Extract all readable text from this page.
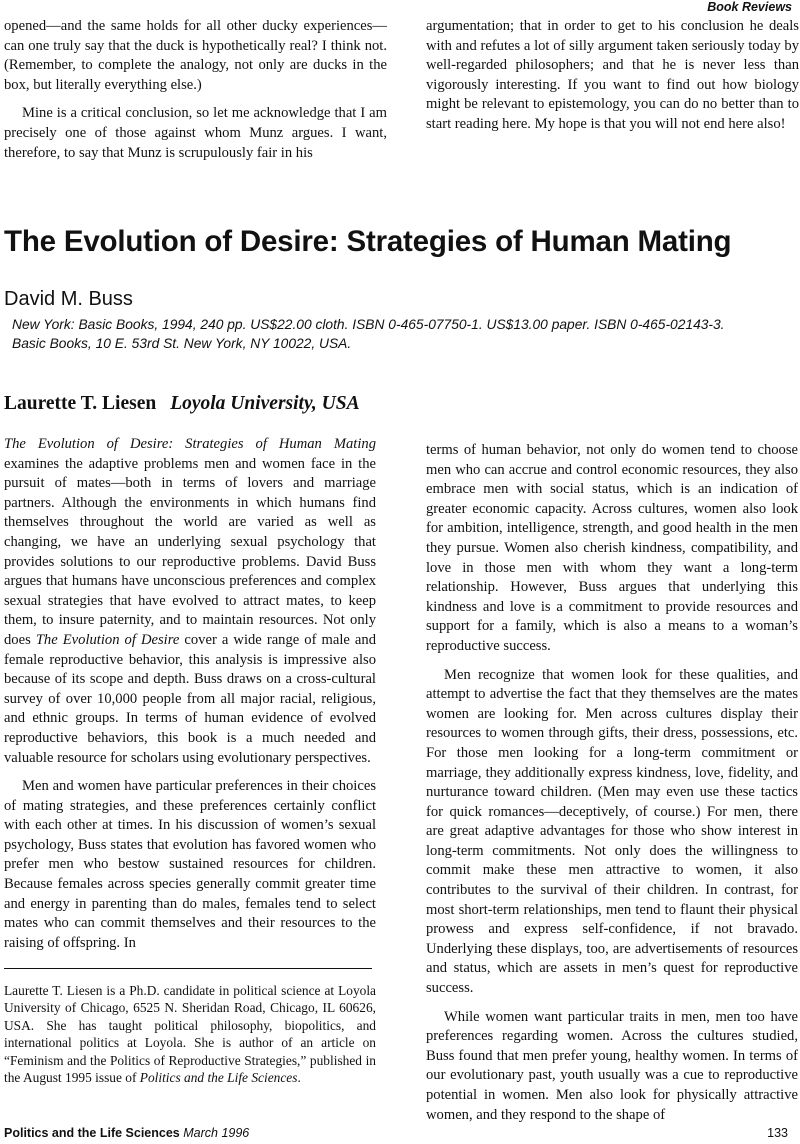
Book Reviews

opened—and the same holds for all other ducky experiences—can one truly say that the duck is hypothetically real? I think not. (Remember, to complete the analogy, not only are ducks in the box, but literally everything else.)

Mine is a critical conclusion, so let me acknowledge that I am precisely one of those against whom Munz argues. I want, therefore, to say that Munz is scrupulously fair in his

argumentation; that in order to get to his conclusion he deals with and refutes a lot of silly argument taken seriously today by well-regarded philosophers; and that he is never less than vigorously interesting. If you want to find out how biology might be relevant to epistemology, you can do no better than to start reading here. My hope is that you will not end here also!

The Evolution of Desire: Strategies of Human Mating
David M. Buss
New York: Basic Books, 1994, 240 pp. US$22.00 cloth. ISBN 0-465-07750-1. US$13.00 paper. ISBN 0-465-02143-3.
Basic Books, 10 E. 53rd St. New York, NY 10022, USA.
Laurette T. Liesen Loyola University, USA

The Evolution of Desire: Strategies of Human Mating examines the adaptive problems men and women face in the pursuit of mates—both in terms of lovers and marriage partners. Although the environments in which humans find themselves throughout the world are varied as well as changing, we have an underlying sexual psychology that provides solutions to our reproductive problems. David Buss argues that humans have unconscious preferences and complex sexual strategies that have evolved to attract mates, to keep them, to insure paternity, and to maintain resources. Not only does The Evolution of Desire cover a wide range of male and female reproductive behavior, this analysis is impressive also because of its scope and depth. Buss draws on a cross-cultural survey of over 10,000 people from all major racial, religious, and ethnic groups. In terms of human evidence of evolved reproductive behaviors, this book is a much needed and valuable resource for scholars using evolutionary perspectives.

Men and women have particular preferences in their choices of mating strategies, and these preferences certainly conflict with each other at times. In his discussion of women’s sexual psychology, Buss states that evolution has favored women who prefer men who bestow sustained resources for children. Because females across species generally commit greater time and energy in parenting than do males, females tend to select mates who can commit themselves and their resources to the raising of offspring. In

terms of human behavior, not only do women tend to choose men who can accrue and control economic resources, they also embrace men with social status, which is an indication of greater economic capacity. Across cultures, women also look for ambition, intelligence, strength, and good health in the men they pursue. Women also cherish kindness, compatibility, and love in those men with whom they want a long-term relationship. However, Buss argues that underlying this kindness and love is a commitment to provide resources and support for a family, which is also a means to a woman’s reproductive success.

Men recognize that women look for these qualities, and attempt to advertise the fact that they themselves are the mates women are looking for. Men across cultures display their resources to women through gifts, their dress, possessions, etc. For those men looking for a long-term commitment or marriage, they additionally express kindness, love, fidelity, and nurturance toward children. (Men may even use these tactics for quick romances—deceptively, of course.) For men, there are great adaptive advantages for those who show interest in long-term commitments. Not only does the willingness to commit make these men attractive to women, it also contributes to the survival of their children. In contrast, for most short-term relationships, men tend to flaunt their physical prowess and express self-confidence, if not bravado. Underlying these displays, too, are advertisements of resources and status, which are assets in men’s quest for reproductive success.

While women want particular traits in men, men too have preferences regarding women. Across the cultures studied, Buss found that men prefer young, healthy women. In terms of our evolutionary past, youth usually was a cue to reproductive potential in women. Men also look for physically attractive women, and they respond to the shape of

Laurette T. Liesen is a Ph.D. candidate in political science at Loyola University of Chicago, 6525 N. Sheridan Road, Chicago, IL 60626, USA. She has taught political philosophy, biopolitics, and international politics at Loyola. She is author of an article on “Feminism and the Politics of Reproductive Strategies,” published in the August 1995 issue of Politics and the Life Sciences.

Politics and the Life Sciences March 1996	133
